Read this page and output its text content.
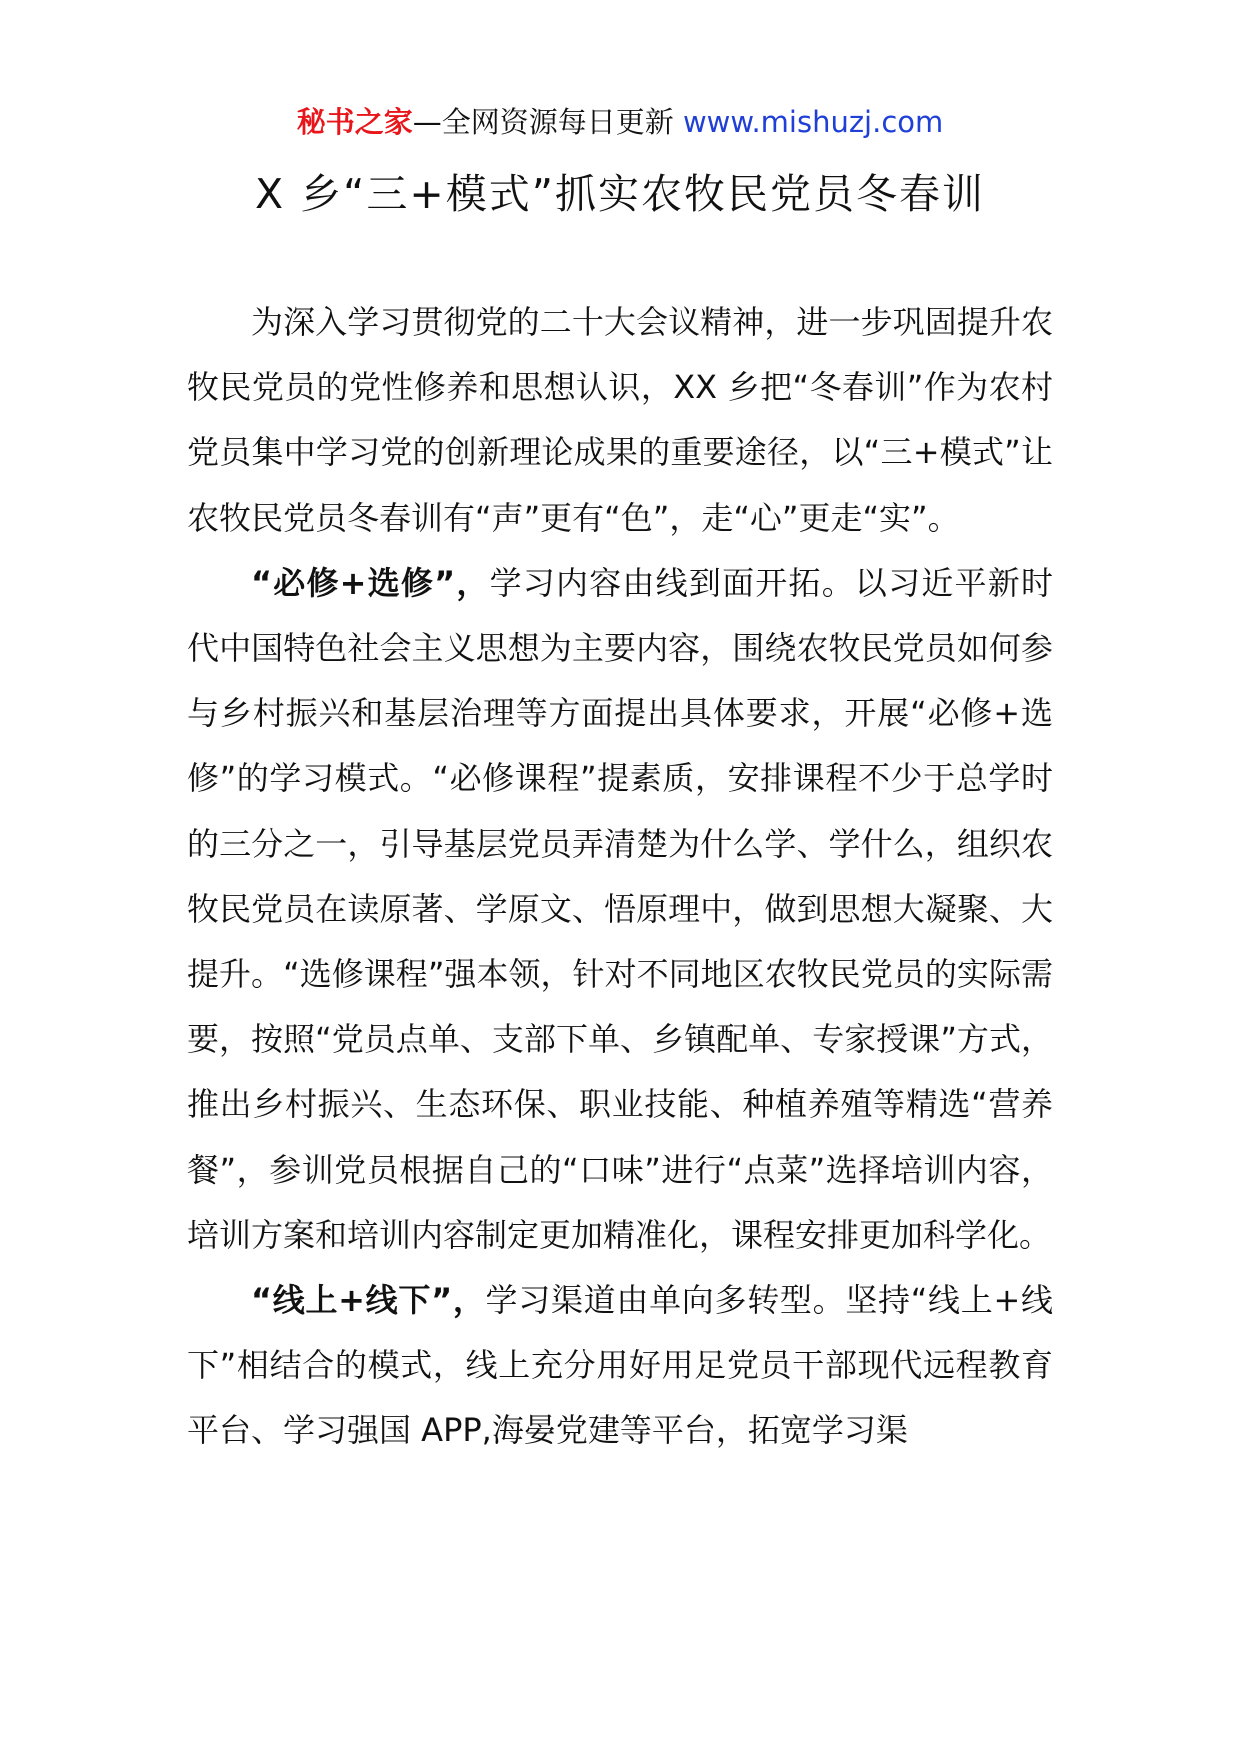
秘书之家—全网资源每日更新 www.mishuzj.com
X 乡“三+模式”抓实农牧民党员冬春训

为深入学习贯彻党的二十大会议精神，进一步巩固提升农牧民党员的党性修养和思想认识，XX 乡把“冬春训”作为农村党员集中学习党的创新理论成果的重要途径，以“三+模式”让农牧民党员冬春训有“声”更有“色”，走“心”更走“实”。

“必修+选修”，学习内容由线到面开拓。以习近平新时代中国特色社会主义思想为主要内容，围绕农牧民党员如何参与乡村振兴和基层治理等方面提出具体要求，开展“必修+选修”的学习模式。“必修课程”提素质，安排课程不少于总学时的三分之一，引导基层党员弄清楚为什么学、学什么，组织农牧民党员在读原著、学原文、悟原理中，做到思想大凝聚、大提升。“选修课程”强本领，针对不同地区农牧民党员的实际需要，按照“党员点单、支部下单、乡镇配单、专家授课”方式，推出乡村振兴、生态环保、职业技能、种植养殖等精选“营养餐”，参训党员根据自己的“口味”进行“点菜”选择培训内容，培训方案和培训内容制定更加精准化，课程安排更加科学化。

“线上+线下”，学习渠道由单向多转型。坚持“线上+线下”相结合的模式，线上充分用好用足党员干部现代远程教育平台、学习强国 APP,海晏党建等平台，拓宽学习渠
